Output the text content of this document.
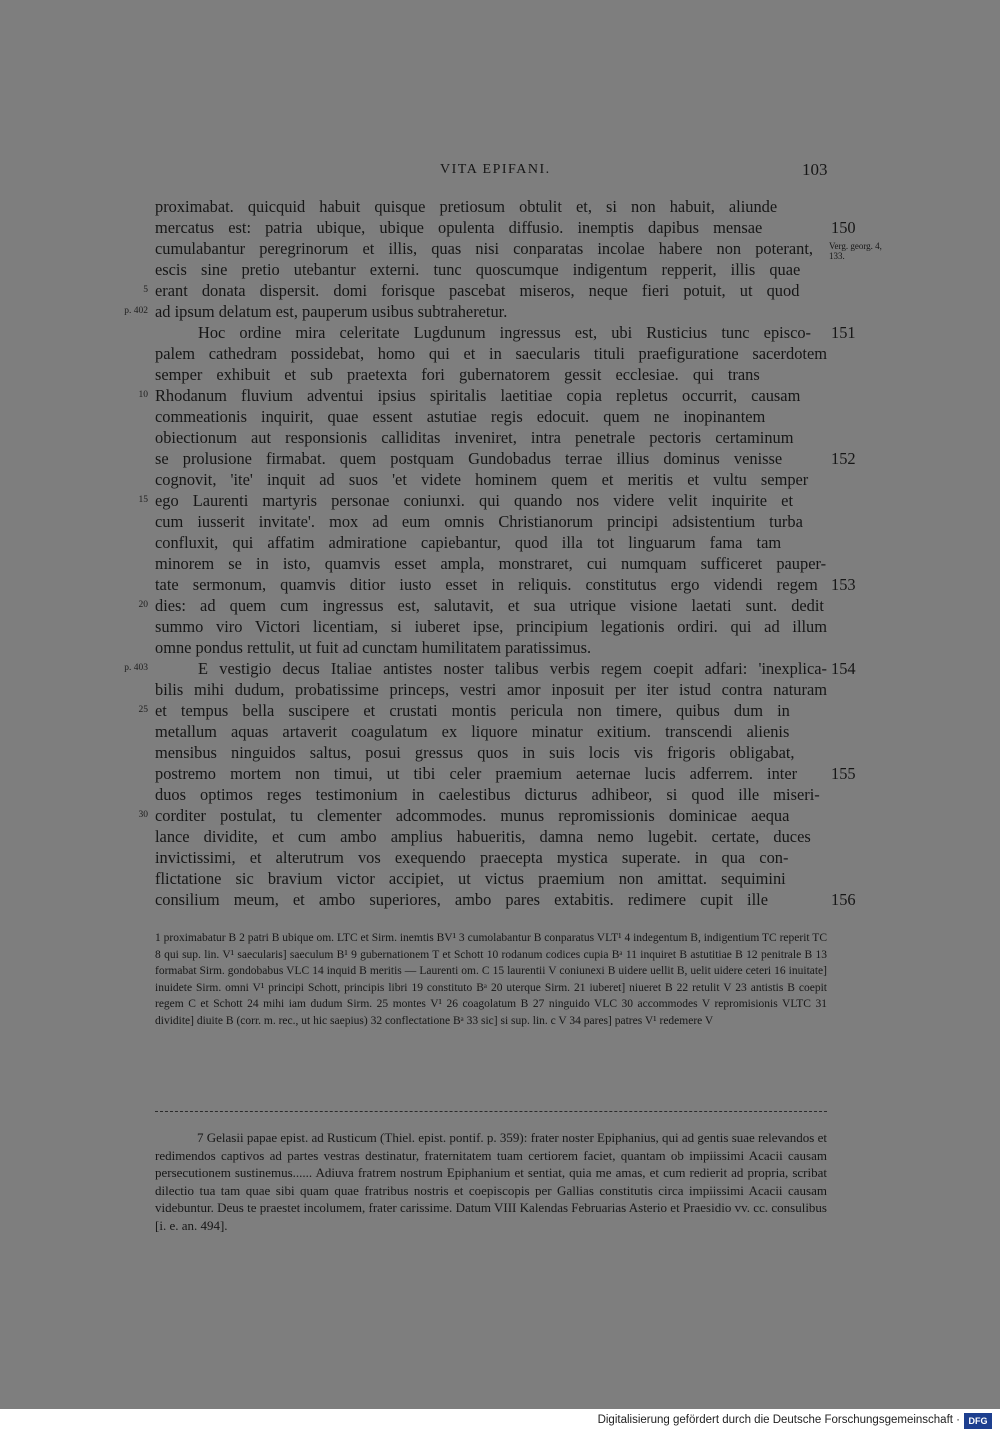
VITA EPIFANI.	103
proximabat. quicquid habuit quisque pretiosum obtulit et, si non habuit, aliunde
mercatus est: patria ubique, ubique opulenta diffusio. inemptis dapibus mensae
cumulabantur peregrinorum et illis, quas nisi conparatas incolae habere non poterant,
escis sine pretio utebantur externi. tunc quoscumque indigentum repperit, illis quae
erant donata dispersit. domi forisque pascebat miseros, neque fieri potuit, ut quod
ad ipsum delatum est, pauperum usibus subtraheretur.
Hoc ordine mira celeritate Lugdunum ingressus est, ubi Rusticius tunc episco-
palem cathedram possidebat, homo qui et in saecularis tituli praefiguratione sacerdotem
semper exhibuit et sub praetexta fori gubernatorem gessit ecclesiae. qui trans
Rhodanum fluvium adventui ipsius spiritalis laetitiae copia repletus occurrit, causam
commeationis inquirit, quae essent astutiae regis edocuit. quem ne inopinantem
obiectionum aut responsionis calliditas inveniret, intra penetrale pectoris certaminum
se prolusione firmabat. quem postquam Gundobadus terrae illius dominus venisse
cognovit, 'ite' inquit ad suos 'et videte hominem quem et meritis et vultu semper
ego Laurenti martyris personae coniunxi. qui quando nos videre velit inquirite et
cum iusserit invitate'. mox ad eum omnis Christianorum principi adsistentium turba
confluxit, qui affatim admiratione capiebantur, quod illa tot linguarum fama tam
minorem se in isto, quamvis esset ampla, monstraret, cui numquam sufficeret pauper-
tate sermonum, quamvis ditior iusto esset in reliquis. constitutus ergo videndi regem
dies: ad quem cum ingressus est, salutavit, et sua utrique visione laetati sunt. dedit
summo viro Victori licentiam, si iuberet ipse, principium legationis ordiri. qui ad illum
omne pondus rettulit, ut fuit ad cunctam humilitatem paratissimus.
E vestigio decus Italiae antistes noster talibus verbis regem coepit adfari: 'inexplica-
bilis mihi dudum, probatissime princeps, vestri amor inposuit per iter istud contra naturam
et tempus bella suscipere et crustati montis pericula non timere, quibus dum in
metallum aquas artaverit coagulatum ex liquore minatur exitium. transcendi alienis
mensibus ninguidos saltus, posui gressus quos in suis locis vis frigoris obligabat,
postremo mortem non timui, ut tibi celer praemium aeternae lucis adferrem. inter
duos optimos reges testimonium in caelestibus dicturus adhibeor, si quod ille miseri-
corditer postulat, tu clementer adcommodes. munus repromissionis dominicae aequa
lance dividite, et cum ambo amplius habueritis, damna nemo lugebit. certate, duces
invictissimi, et alterutrum vos exequendo praecepta mystica superate. in qua con-
flictatione sic bravium victor accipiet, ut victus praemium non amittat. sequimini
consilium meum, et ambo superiores, ambo pares extabitis. redimere cupit ille
5
p. 402
10
15
20
p. 403
25
30
150
Verg. georg. 4, 133.
151
152
153
154
155
156
1 proximabatur B 2 patri B ubique om. LTC et Sirm. inemtis BV¹ 3 cumolabantur B conparatus VLT¹ 4 indegentum B, indigentium TC reperit TC 8 qui sup. lin. V¹ saecularis] saeculum B¹ 9 gubernationem T et Schott 10 rodanum codices cupia Bᵃ 11 inquiret B astutitiae B 12 penitrale B 13 formabat Sirm. gondobabus VLC 14 inquid B meritis — Laurenti om. C 15 laurentii V coniunexi B uidere uellit B, uelit uidere ceteri 16 inuitate] inuidete Sirm. omni V¹ principi Schott, principis libri 19 constituto Bᵃ 20 uterque Sirm. 21 iuberet] niueret B 22 retulit V 23 antistis B coepit regem C et Schott 24 mihi iam dudum Sirm. 25 montes V¹ 26 coagolatum B 27 ninguido VLC 30 accommodes V repromisionis VLTC 31 dividite] diuite B (corr. m. rec., ut hic saepius) 32 conflectatione Bᵃ 33 sic] si sup. lin. c V 34 pares] patres V¹ redemere V
7 Gelasii papae epist. ad Rusticum (Thiel. epist. pontif. p. 359): frater noster Epiphanius, qui ad gentis suae relevandos et redimendos captivos ad partes vestras destinatur, fraternitatem tuam certiorem faciet, quantam ob impiissimi Acacii causam persecutionem sustinemus...... Adiuva fratrem nostrum Epiphanium et sentiat, quia me amas, et cum redierit ad propria, scribat dilectio tua tam quae sibi quam quae fratribus nostris et coepiscopis per Gallias constitutis circa impiissimi Acacii causam videbuntur. Deus te praestet incolumem, frater carissime. Datum VIII Kalendas Februarias Asterio et Praesidio vv. cc. consulibus [i. e. an. 494].
Digitalisierung gefördert durch die Deutsche Forschungsgemeinschaft · DFG
